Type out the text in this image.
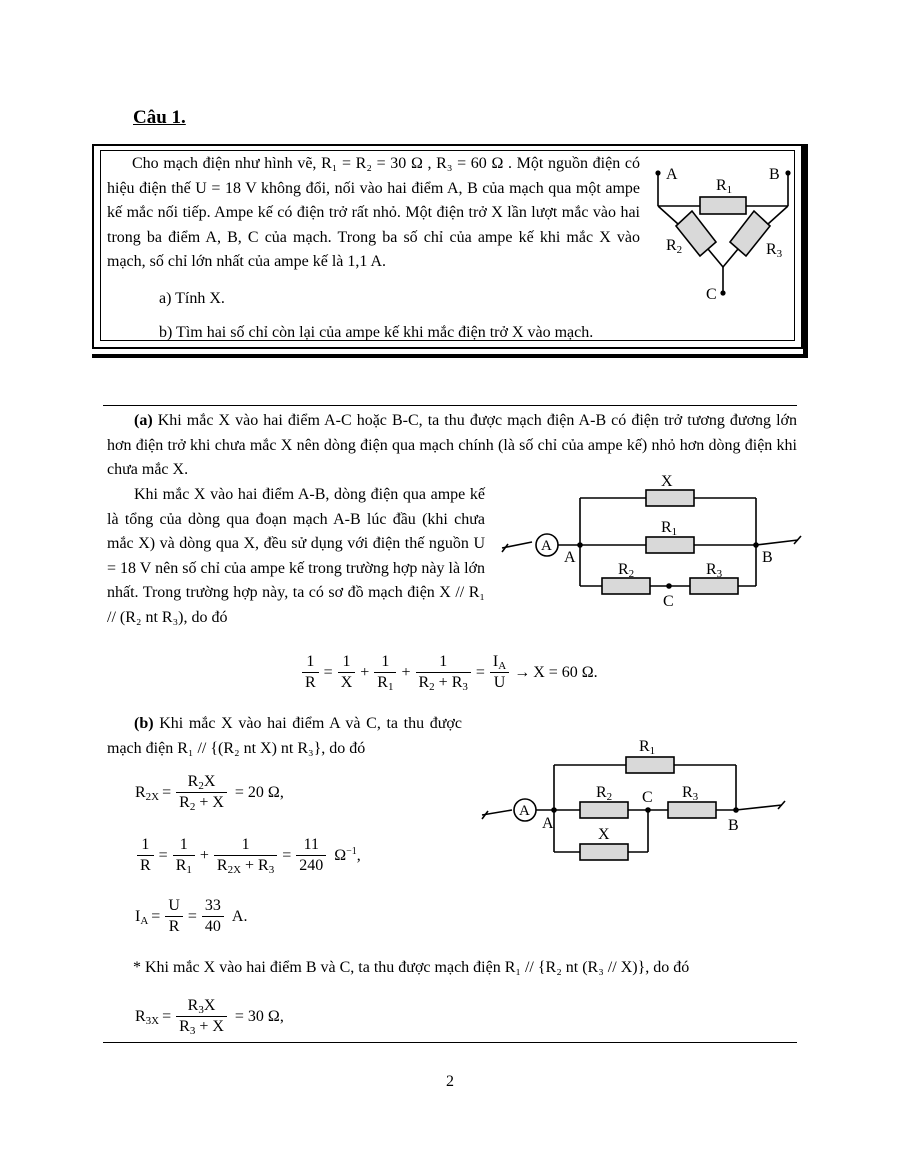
Câu 1.

Cho mạch điện như hình vẽ, R₁ = R₂ = 30 Ω , R₃ = 60 Ω . Một nguồn điện có hiệu điện thế U = 18 V không đổi, nối vào hai điểm A, B của mạch qua một ampe kế mắc nối tiếp. Ampe kế có điện trở rất nhỏ. Một điện trở X lần lượt mắc vào hai trong ba điểm A, B, C của mạch. Trong ba số chỉ của ampe kế khi mắc X vào mạch, số chỉ lớn nhất của ampe kế là 1,1 A.

a) Tính X.

b) Tìm hai số chỉ còn lại của ampe kế khi mắc điện trở X vào mạch.

A	B
C
R1
R2	R3

(a) Khi mắc X vào hai điểm A-C hoặc B-C, ta thu được mạch điện A-B có điện trở tương đương lớn hơn điện trở khi chưa mắc X nên dòng điện qua mạch chính (là số chỉ của ampe kế) nhỏ hơn dòng điện khi chưa mắc X.

Khi mắc X vào hai điểm A-B, dòng điện qua ampe kế là tổng của dòng qua đoạn mạch A-B lúc đầu (khi chưa mắc X) và dòng qua X, đều sử dụng với điện thế nguồn U = 18 V nên số chỉ của ampe kế trong trường hợp này là lớn nhất. Trong trường hợp này, ta có sơ đồ mạch điện X // R₁ // (R₂ nt R₃), do đó

A
A	B
C
X
R1
R2	R3
$\frac{1}{R} = \frac{1}{X} + \frac{1}{R_1} + \frac{1}{R_2 + R_3} = \frac{I_A}{U} \to X = 60$ Ω.

(b) Khi mắc X vào hai điểm A và C, ta thu được mạch điện R₁ // {(R₂ nt X) nt R₃}, do đó

A
A	B
C
R1
R2	R3
X
$R_{2X} = \frac{R_2X}{R_2 + X} = 20$ Ω,
$\frac{1}{R} = \frac{1}{R_1} + \frac{1}{R_{2X} + R_3} = \frac{11}{240} \Omega^{-1}$,
$I_A = \frac{U}{R} = \frac{33}{40} A$.
* Khi mắc X vào hai điểm B và C, ta thu được mạch điện R₁ // {R₂ nt (R₃ // X)}, do đó
$R_{3X} = \frac{R_3X}{R_3 + X} = 30$ Ω,
2
